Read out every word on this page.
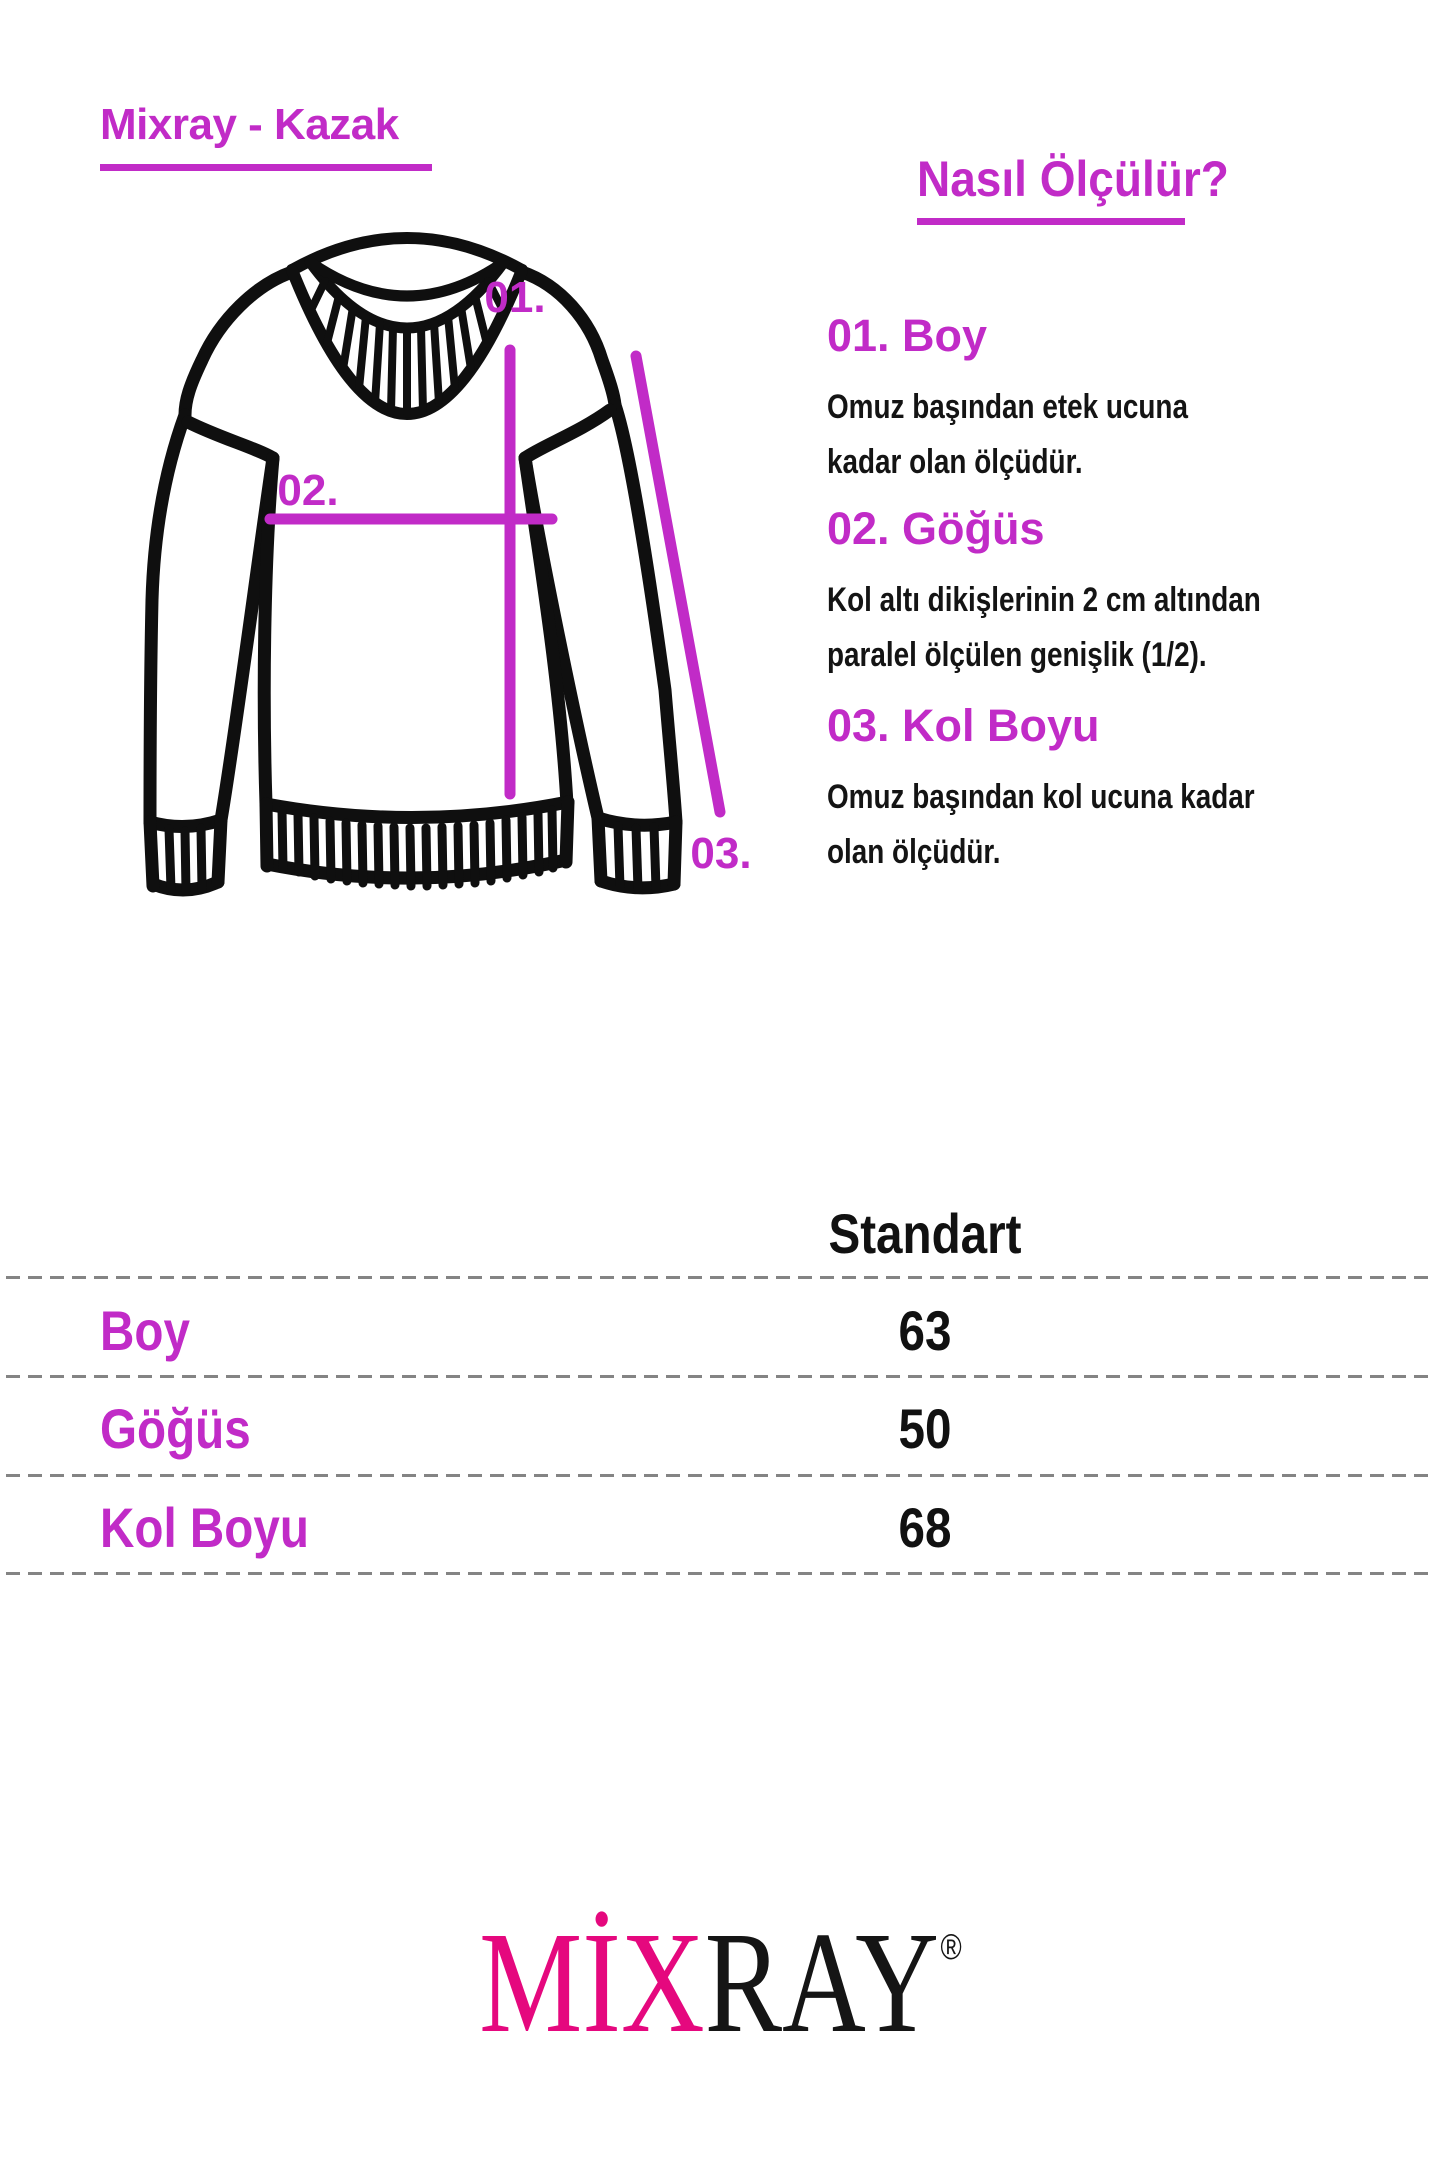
Mixray - Kazak
01.
02.
03.
Nasıl Ölçülür?
01. Boy

Omuz başından etek ucuna kadar olan ölçüdür.

02. Göğüs

Kol altı dikişlerinin 2 cm altından paralel ölçülen genişlik (1/2).

03. Kol Boyu

Omuz başından kol ucuna kadar olan ölçüdür.

Standart
Boy	63
Göğüs	50
Kol Boyu	68
MİXRAY®
